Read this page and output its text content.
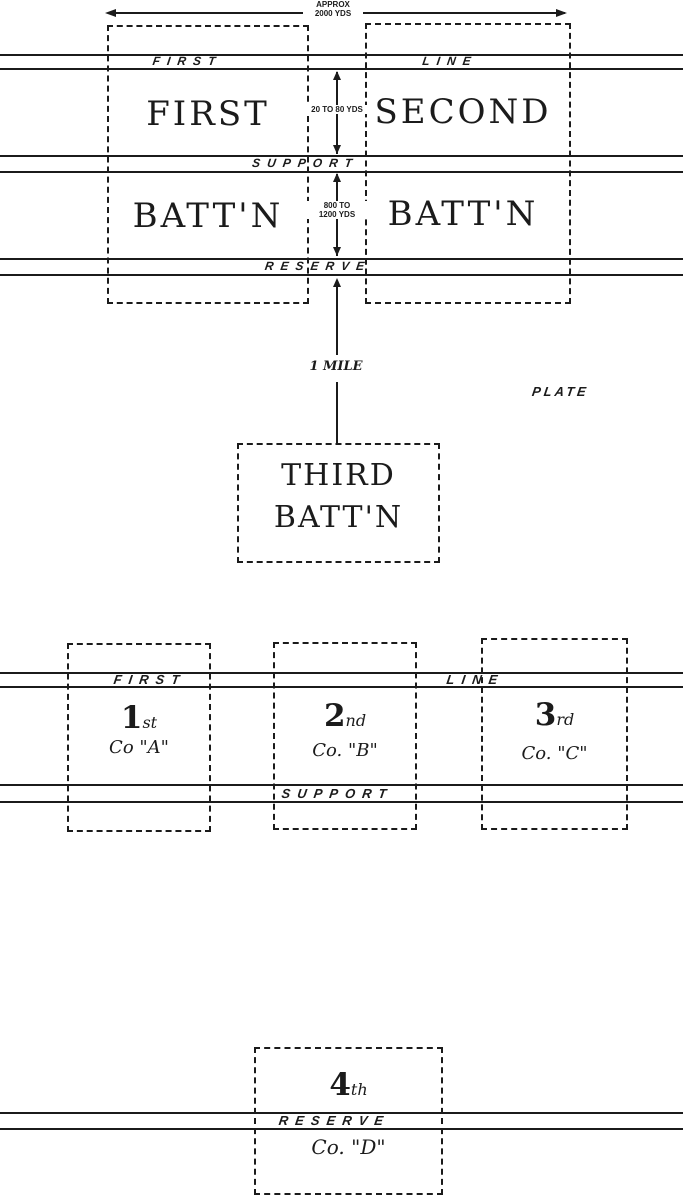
APPROX
2000 YDS
FIRST	LINE
SUPPORT
RESERVE
FIRST
BATT'N
SECOND
BATT'N
20 TO 80 YDS
800 TO
1200 YDS
1 MILE
PLATE
THIRD
BATT'N
FIRST	LINE
SUPPORT
1st
Co "A"
2nd
Co. "B"
3rd
Co. "C"
RESERVE
4th
Co. "D"
